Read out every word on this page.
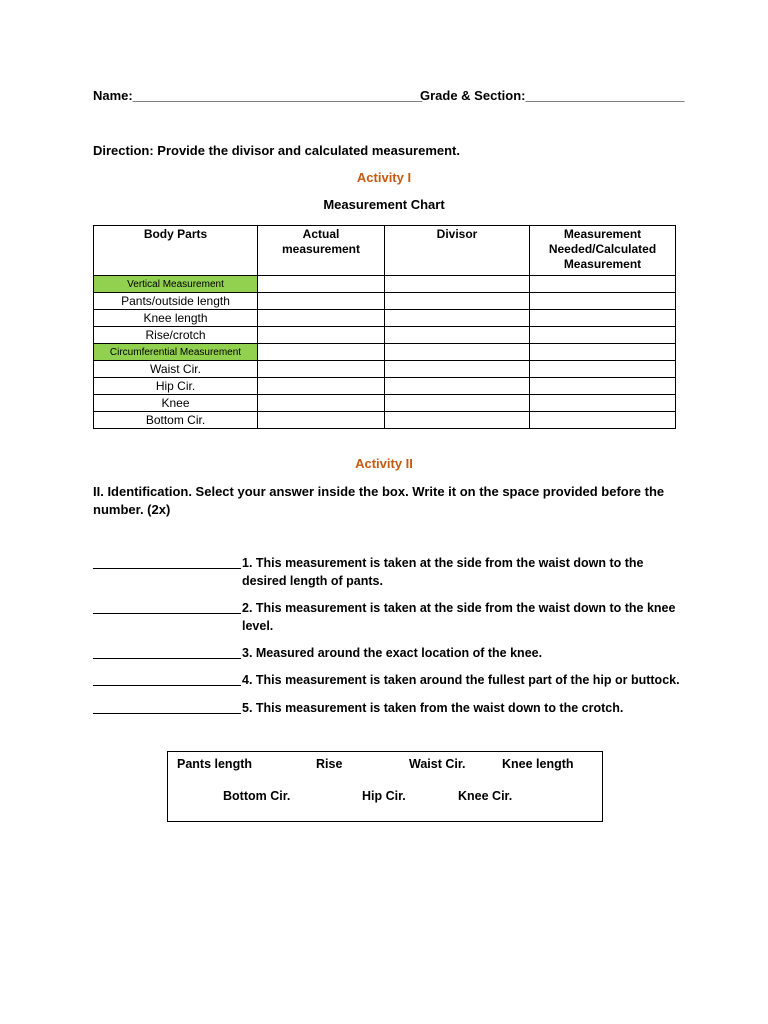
Name:________________________________________
Grade & Section:______________________
Direction: Provide the divisor and calculated measurement.
Activity I
Measurement Chart
Body Parts	Actual measurement	Divisor	Measurement Needed/Calculated Measurement

Vertical Measurement			
Pants/outside length			
Knee length			
Rise/crotch			
Circumferential Measurement			
Waist Cir.			
Hip Cir.			
Knee			
Bottom Cir.			
Activity II
II. Identification. Select your answer inside the box. Write it on the space provided before the number. (2x)
1. This measurement is taken at the side from the waist down to the desired length of pants.
2. This measurement is taken at the side from the waist down to the knee level.
3. Measured around the exact location of the knee.
4. This measurement is taken around the fullest part of the hip or buttock.
5. This measurement is taken from the waist down to the crotch.
Pants length	Rise	Waist Cir.	Knee length
Bottom Cir.	Hip Cir.	Knee Cir.
